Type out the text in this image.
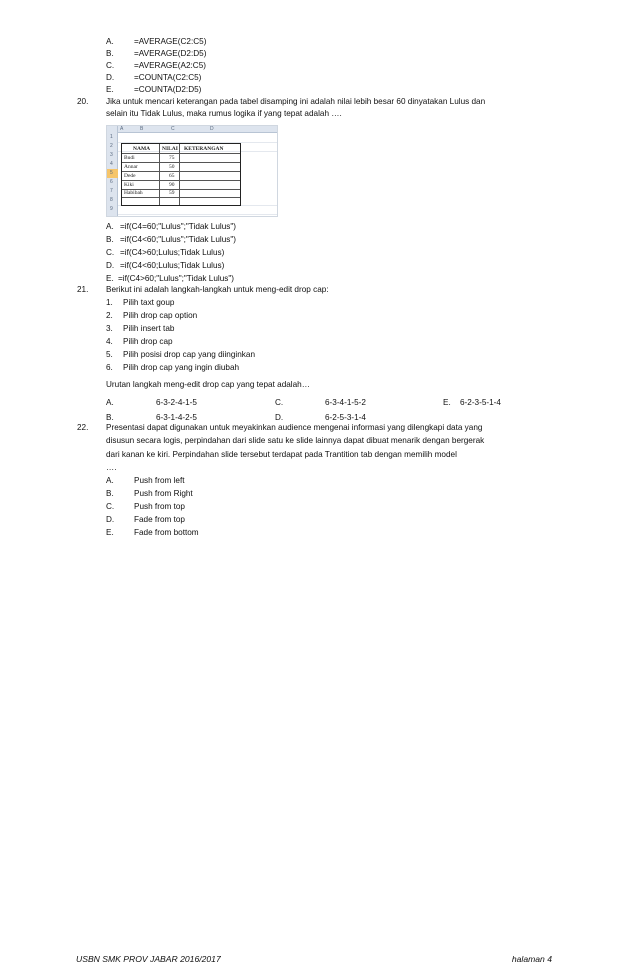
A.	=AVERAGE(C2:C5)
B.	=AVERAGE(D2:D5)
C.	=AVERAGE(A2:C5)
D.	=COUNTA(C2:C5)
E.	=COUNTA(D2:D5)
20. Jika untuk mencari keterangan pada tabel disamping ini adalah nilai lebih besar 60 dinyatakan Lulus dan
selain itu Tidak Lulus, maka rumus logika if yang tepat adalah ….
A	B	C	D
1
2
3
4
5
6
7
8
9
NAMA NILAI KETERANGAN
Budi	75
Annar	50
Dede	65
Kiki	90
Habibah	59
A. =if(C4=60;"Lulus";"Tidak Lulus")
B. =if(C4<60;"Lulus";"Tidak Lulus")
C. =if(C4>60;Lulus;Tidak Lulus)
D. =if(C4<60;Lulus;Tidak Lulus)
E. =if(C4>60;"Lulus";"Tidak Lulus")
21. Berikut ini adalah langkah-langkah untuk meng-edit drop cap:
1.	Pilih taxt goup
2.	Pilih drop cap option
3.	Pilih insert tab
4.	Pilih drop cap
5.	Pilih posisi drop cap yang diinginkan
6.	Pilih drop cap yang ingin diubah
Urutan langkah meng-edit drop cap yang tepat adalah…
A.	6-3-2-4-1-5	C.	6-3-4-1-5-2	E.	6-2-3-5-1-4
B.	6-3-1-4-2-5	D.	6-2-5-3-1-4
22. Presentasi dapat digunakan untuk meyakinkan audience mengenai informasi yang dilengkapi data yang
disusun secara logis, perpindahan dari slide satu ke slide lainnya dapat dibuat menarik dengan bergerak
dari kanan ke kiri. Perpindahan slide tersebut terdapat pada Trantition tab dengan memilih model
….
A.	Push from left
B.	Push from Right
C.	Push from top
D.	Fade from top
E.	Fade from bottom
USBN SMK PROV JABAR 2016/2017	halaman 4
